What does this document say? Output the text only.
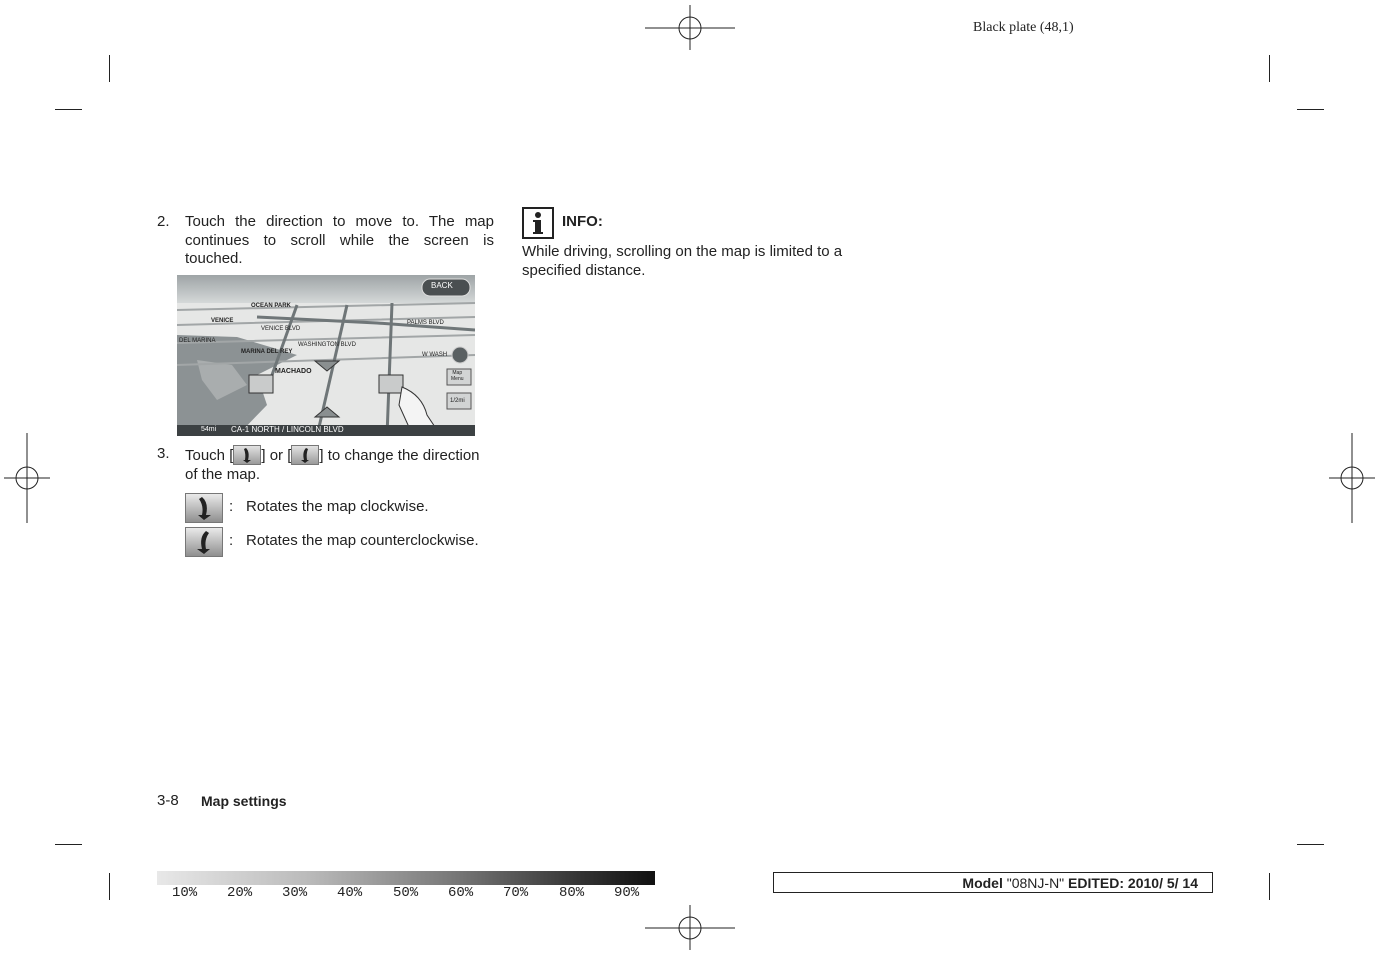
Black plate (48,1)
2. Touch the direction to move to. The map continues to scroll while the screen is touched.
BACK
OCEAN PARK
VENICE
VENICE BLVD
PALMS BLVD
DEL MARINA
WASHINGTON BLVD
MARINA DEL REY	W WASH
MACHADO	Map
Menu
1/2mi
54mi CA-1 NORTH / LINCOLN BLVD
3. Touch [ ] or [ ] to change the direction of the map.
: Rotates the map clockwise.
: Rotates the map counterclockwise.
INFO:
While driving, scrolling on the map is limited to a specified distance.
3-8 Map settings
10% 20% 30% 40% 50% 60% 70% 80% 90%
Model "08NJ-N" EDITED: 2010/ 5/ 14
